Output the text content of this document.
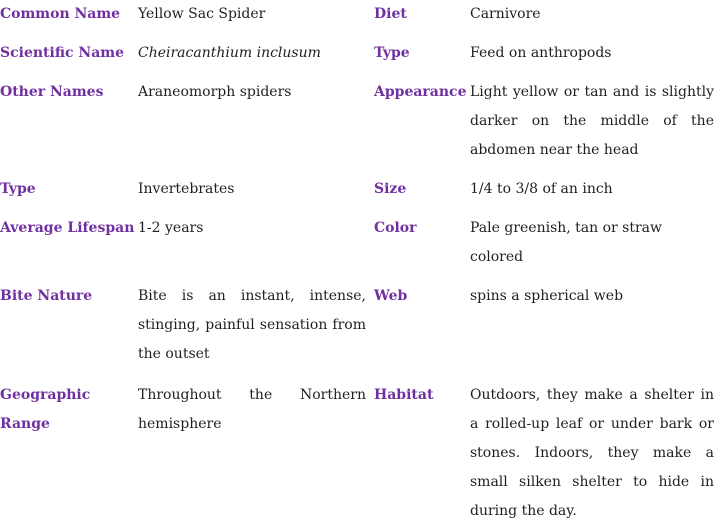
Common Name	Yellow Sac Spider	Diet	Carnivore
Scientific Name	Cheiracanthium inclusum	Type	Feed on anthropods
Other Names	Araneomorph spiders	Appearance	Light yellow or tan and is slightly darker on the middle of the abdomen near the head
Type	Invertebrates	Size	1/4 to 3/8 of an inch
Average Lifespan	1-2 years	Color	Pale greenish, tan or straw colored
Bite Nature	Bite is an instant, intense, stinging, painful sensation from the outset	Web	spins a spherical web
Geographic Range	Throughout the Northern hemisphere	Habitat	Outdoors, they make a shelter in a rolled-up leaf or under bark or stones. Indoors, they make a small silken shelter to hide in during the day.
